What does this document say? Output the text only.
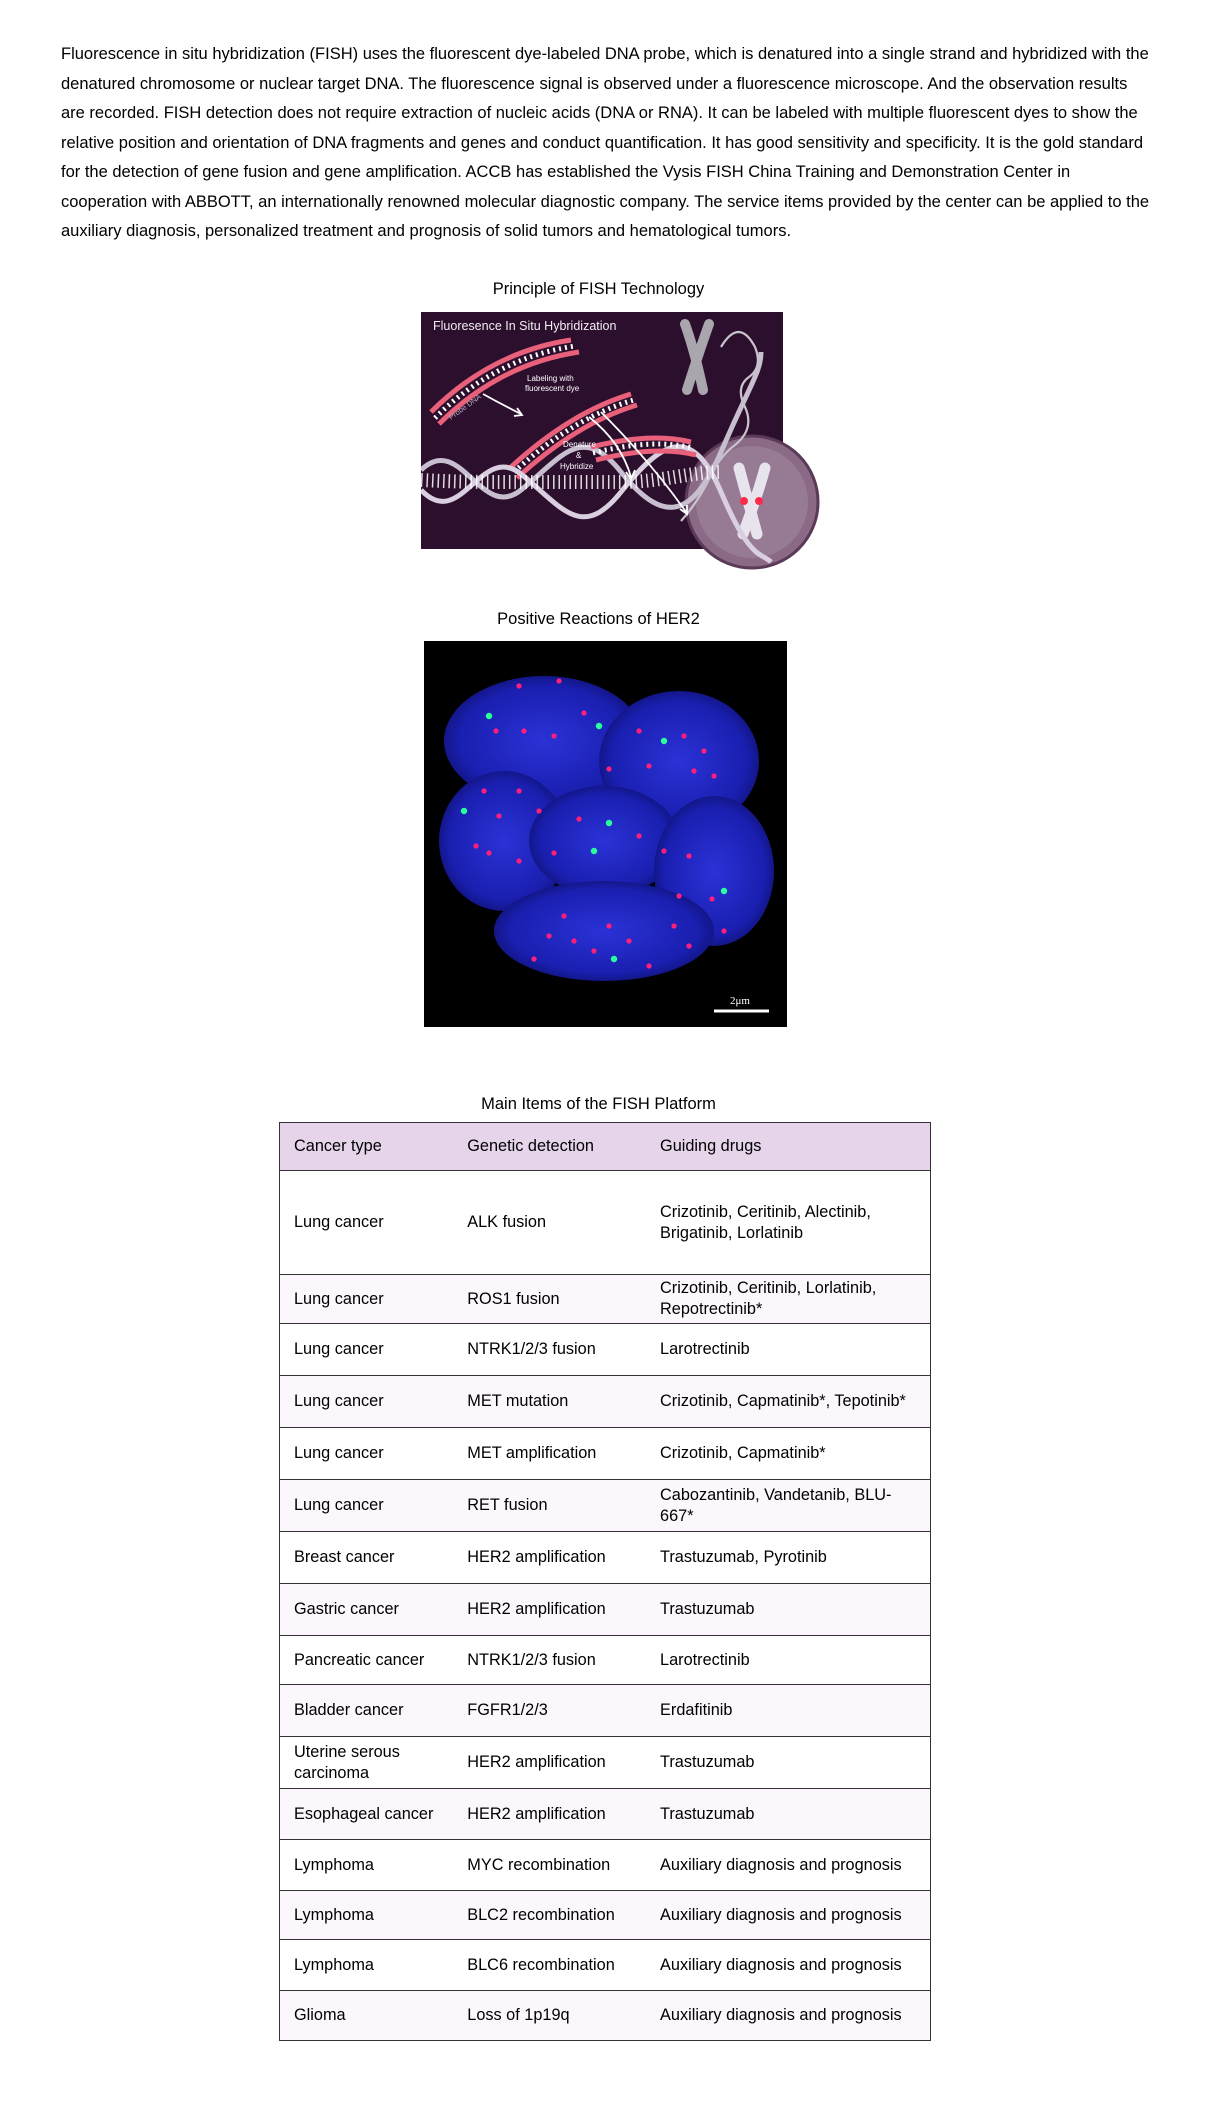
Fluorescence in situ hybridization (FISH) uses the fluorescent dye-labeled DNA probe, which is denatured into a single strand and hybridized with the denatured chromosome or nuclear target DNA. The fluorescence signal is observed under a fluorescence microscope. And the observation results are recorded. FISH detection does not require extraction of nucleic acids (DNA or RNA). It can be labeled with multiple fluorescent dyes to show the relative position and orientation of DNA fragments and genes and conduct quantification. It has good sensitivity and specificity. It is the gold standard for the detection of gene fusion and gene amplification. ACCB has established the Vysis FISH China Training and Demonstration Center in cooperation with ABBOTT, an internationally renowned molecular diagnostic company. The service items provided by the center can be applied to the auxiliary diagnosis, personalized treatment and prognosis of solid tumors and hematological tumors.

Principle of FISH Technology
Fluoresence In Situ Hybridization
Probe DNA
Labeling with
fluorescent dye
Denature
&
Hybridize
Positive Reactions of HER2
2μm
Main Items of the FISH Platform
Cancer type	Genetic detection	Guiding drugs
Lung cancer	ALK fusion	Crizotinib, Ceritinib, Alectinib, Brigatinib, Lorlatinib
Lung cancer	ROS1 fusion	Crizotinib, Ceritinib, Lorlatinib, Repotrectinib*
Lung cancer	NTRK1/2/3 fusion	Larotrectinib
Lung cancer	MET mutation	Crizotinib, Capmatinib*, Tepotinib*
Lung cancer	MET amplification	Crizotinib, Capmatinib*
Lung cancer	RET fusion	Cabozantinib, Vandetanib, BLU-667*
Breast cancer	HER2 amplification	Trastuzumab, Pyrotinib
Gastric cancer	HER2 amplification	Trastuzumab
Pancreatic cancer	NTRK1/2/3 fusion	Larotrectinib
Bladder cancer	FGFR1/2/3	Erdafitinib
Uterine serous carcinoma	HER2 amplification	Trastuzumab
Esophageal cancer	HER2 amplification	Trastuzumab
Lymphoma	MYC recombination	Auxiliary diagnosis and prognosis
Lymphoma	BLC2 recombination	Auxiliary diagnosis and prognosis
Lymphoma	BLC6 recombination	Auxiliary diagnosis and prognosis
Glioma	Loss of 1p19q	Auxiliary diagnosis and prognosis
